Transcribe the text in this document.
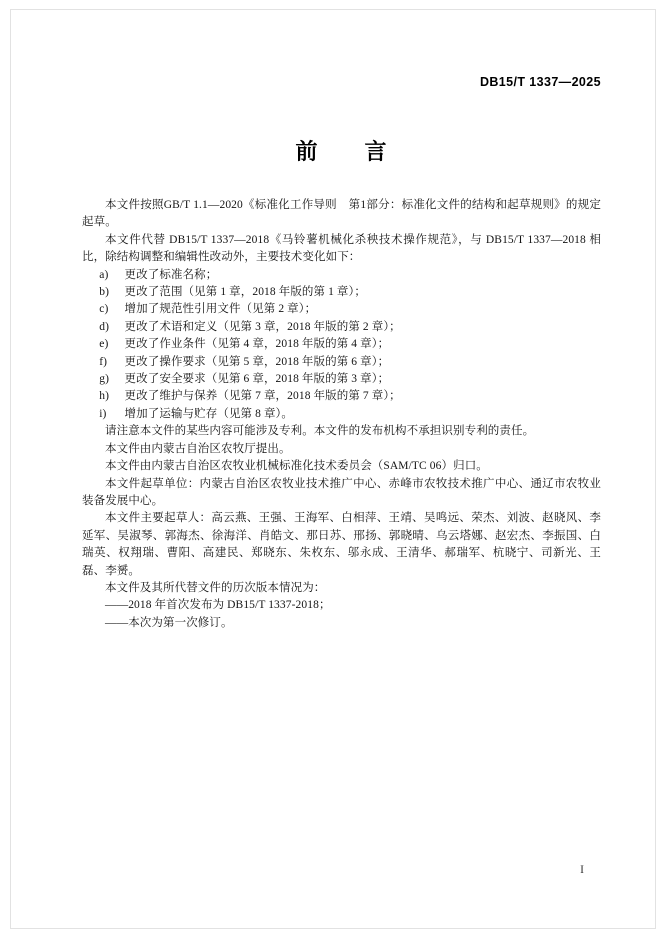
DB15/T 1337—2025
前　　言

本文件按照GB/T 1.1—2020《标准化工作导则　第1部分：标准化文件的结构和起草规则》的规定起草。

本文件代替 DB15/T 1337—2018《马铃薯机械化杀秧技术操作规范》，与 DB15/T 1337—2018 相比，除结构调整和编辑性改动外，主要技术变化如下：

a) 更改了标准名称；
b) 更改了范围（见第 1 章，2018 年版的第 1 章）；
c) 增加了规范性引用文件（见第 2 章）；
d) 更改了术语和定义（见第 3 章，2018 年版的第 2 章）；
e) 更改了作业条件（见第 4 章，2018 年版的第 4 章）；
f) 更改了操作要求（见第 5 章，2018 年版的第 6 章）；
g) 更改了安全要求（见第 6 章，2018 年版的第 3 章）；
h) 更改了维护与保养（见第 7 章，2018 年版的第 7 章）；
i) 增加了运输与贮存（见第 8 章）。

请注意本文件的某些内容可能涉及专利。本文件的发布机构不承担识别专利的责任。

本文件由内蒙古自治区农牧厅提出。

本文件由内蒙古自治区农牧业机械标准化技术委员会（SAM/TC 06）归口。

本文件起草单位：内蒙古自治区农牧业技术推广中心、赤峰市农牧技术推广中心、通辽市农牧业装备发展中心。

本文件主要起草人：高云燕、王强、王海军、白相萍、王靖、吴鸣远、荣杰、刘波、赵晓风、李延军、吴淑琴、郭海杰、徐海洋、肖皓文、那日苏、邢扬、郭晓晴、乌云塔娜、赵宏杰、李振国、白瑞英、权翔瑞、曹阳、高建民、郑晓东、朱枚东、邬永成、王清华、郝瑞军、杭晓宁、司新光、王磊、李赟。

本文件及其所代替文件的历次版本情况为：

——2018 年首次发布为 DB15/T 1337-2018；
——本次为第一次修订。
I
